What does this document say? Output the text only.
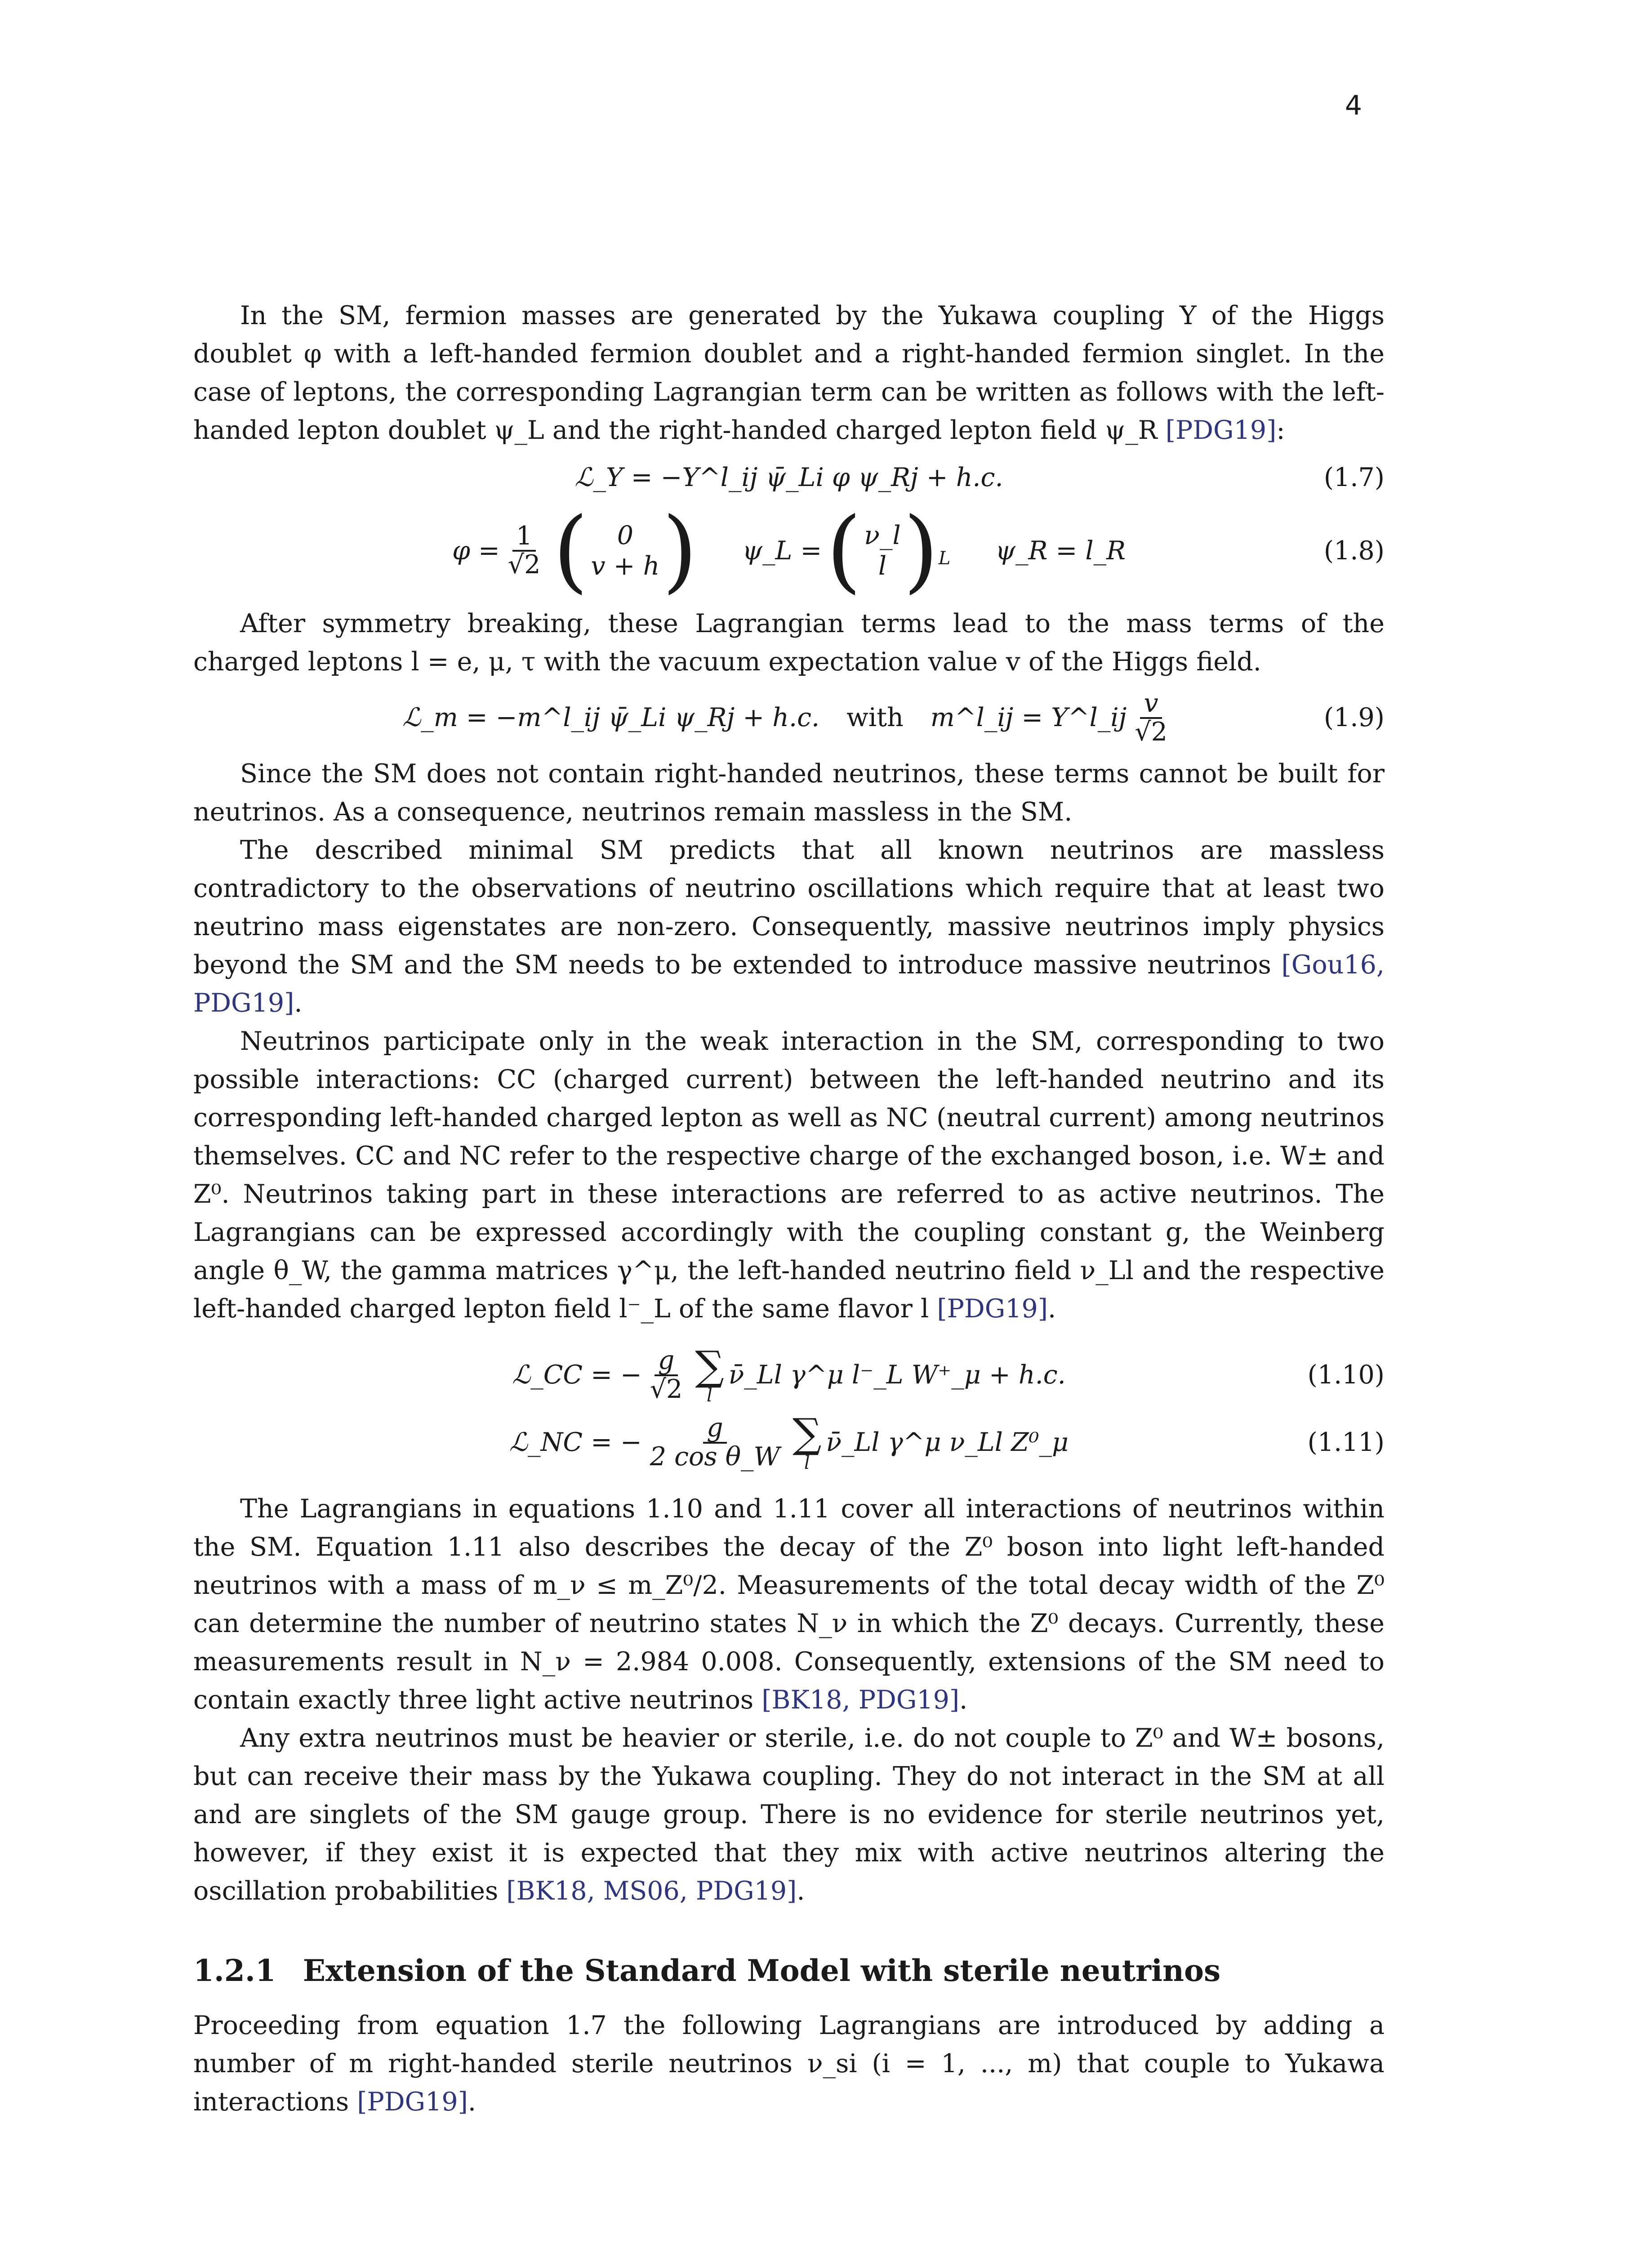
4

In the SM, fermion masses are generated by the Yukawa coupling Y of the Higgs doublet φ with a left-handed fermion doublet and a right-handed fermion singlet. In the case of leptons, the corresponding Lagrangian term can be written as follows with the left-handed lepton doublet ψ_L and the right-handed charged lepton field ψ_R [PDG19]:

ℒ_Y = −Y^l_ij ψ̄_Li φ ψ_Rj + h.c.	(1.7)
$\varphi = \frac{1}{√2}$ ( 0
v + h ) ψ_L = ( ν_l
l ) L ψ_R = l_R	(1.8)

After symmetry breaking, these Lagrangian terms lead to the mass terms of the charged leptons l = e, μ, τ with the vacuum expectation value v of the Higgs field.

ℒ_m = −m^l_ij ψ̄_Li ψ_Rj + h.c. with m^l_ij = Y^l_ij $\frac{v}{√2}$	(1.9)

Since the SM does not contain right-handed neutrinos, these terms cannot be built for neutrinos. As a consequence, neutrinos remain massless in the SM.

The described minimal SM predicts that all known neutrinos are massless contradictory to the observations of neutrino oscillations which require that at least two neutrino mass eigenstates are non-zero. Consequently, massive neutrinos imply physics beyond the SM and the SM needs to be extended to introduce massive neutrinos [Gou16, PDG19].

Neutrinos participate only in the weak interaction in the SM, corresponding to two possible interactions: CC (charged current) between the left-handed neutrino and its corresponding left-handed charged lepton as well as NC (neutral current) among neutrinos themselves. CC and NC refer to the respective charge of the exchanged boson, i.e. W± and Z⁰. Neutrinos taking part in these interactions are referred to as active neutrinos. The Lagrangians can be expressed accordingly with the coupling constant g, the Weinberg angle θ_W, the gamma matrices γ^μ, the left-handed neutrino field ν_Ll and the respective left-handed charged lepton field l⁻_L of the same flavor l [PDG19].

ℒ_CC = − $\frac{g}{√2}$ ∑
l
ν̄_Ll γ^μ l⁻_L W⁺_μ + h.c.	(1.10)
ℒ_NC = − $\frac{g}{\text{2 cos θ\_W}}$ ∑
l
ν̄_Ll γ^μ ν_Ll Z⁰_μ	(1.11)

The Lagrangians in equations 1.10 and 1.11 cover all interactions of neutrinos within the SM. Equation 1.11 also describes the decay of the Z⁰ boson into light left-handed neutrinos with a mass of m_ν ≤ m_Z⁰/2. Measurements of the total decay width of the Z⁰ can determine the number of neutrino states N_ν in which the Z⁰ decays. Currently, these measurements result in N_ν = 2.984 0.008. Consequently, extensions of the SM need to contain exactly three light active neutrinos [BK18, PDG19].

Any extra neutrinos must be heavier or sterile, i.e. do not couple to Z⁰ and W± bosons, but can receive their mass by the Yukawa coupling. They do not interact in the SM at all and are singlets of the SM gauge group. There is no evidence for sterile neutrinos yet, however, if they exist it is expected that they mix with active neutrinos altering the oscillation probabilities [BK18, MS06, PDG19].

1.2.1 Extension of the Standard Model with sterile neutrinos

Proceeding from equation 1.7 the following Lagrangians are introduced by adding a number of m right-handed sterile neutrinos ν_si (i = 1, ..., m) that couple to Yukawa interactions [PDG19].
